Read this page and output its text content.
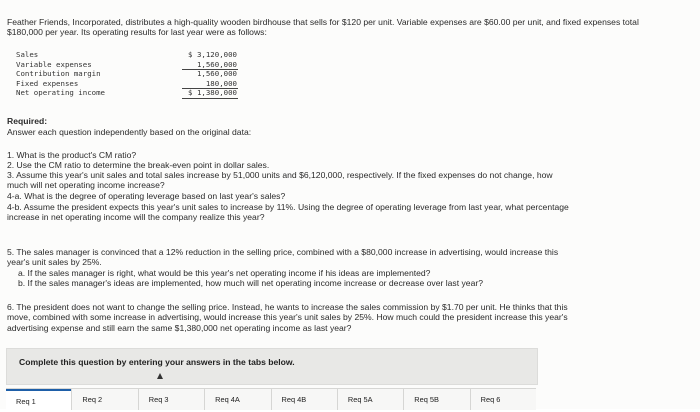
Feather Friends, Incorporated, distributes a high-quality wooden birdhouse that sells for $120 per unit. Variable expenses are $60.00 per unit, and fixed expenses total $180,000 per year. Its operating results for last year were as follows:

Sales	$ 3,120,000
Variable expenses	1,560,000
Contribution margin	1,560,000
Fixed expenses	180,000
Net operating income	$ 1,380,000

Required:

Answer each question independently based on the original data:

1. What is the product's CM ratio?

2. Use the CM ratio to determine the break-even point in dollar sales.

3. Assume this year's unit sales and total sales increase by 51,000 units and $6,120,000, respectively. If the fixed expenses do not change, how much will net operating income increase?

4-a. What is the degree of operating leverage based on last year's sales?

4-b. Assume the president expects this year's unit sales to increase by 11%. Using the degree of operating leverage from last year, what percentage increase in net operating income will the company realize this year?

5. The sales manager is convinced that a 12% reduction in the selling price, combined with a $80,000 increase in advertising, would increase this year's unit sales by 25%.

a. If the sales manager is right, what would be this year's net operating income if his ideas are implemented?

b. If the sales manager's ideas are implemented, how much will net operating income increase or decrease over last year?

6. The president does not want to change the selling price. Instead, he wants to increase the sales commission by $1.70 per unit. He thinks that this move, combined with some increase in advertising, would increase this year's unit sales by 25%. How much could the president increase this year's advertising expense and still earn the same $1,380,000 net operating income as last year?

Complete this question by entering your answers in the tabs below.
Req 1	Req 2	Req 3	Req 4A	Req 4B	Req 5A	Req 5B	Req 6
